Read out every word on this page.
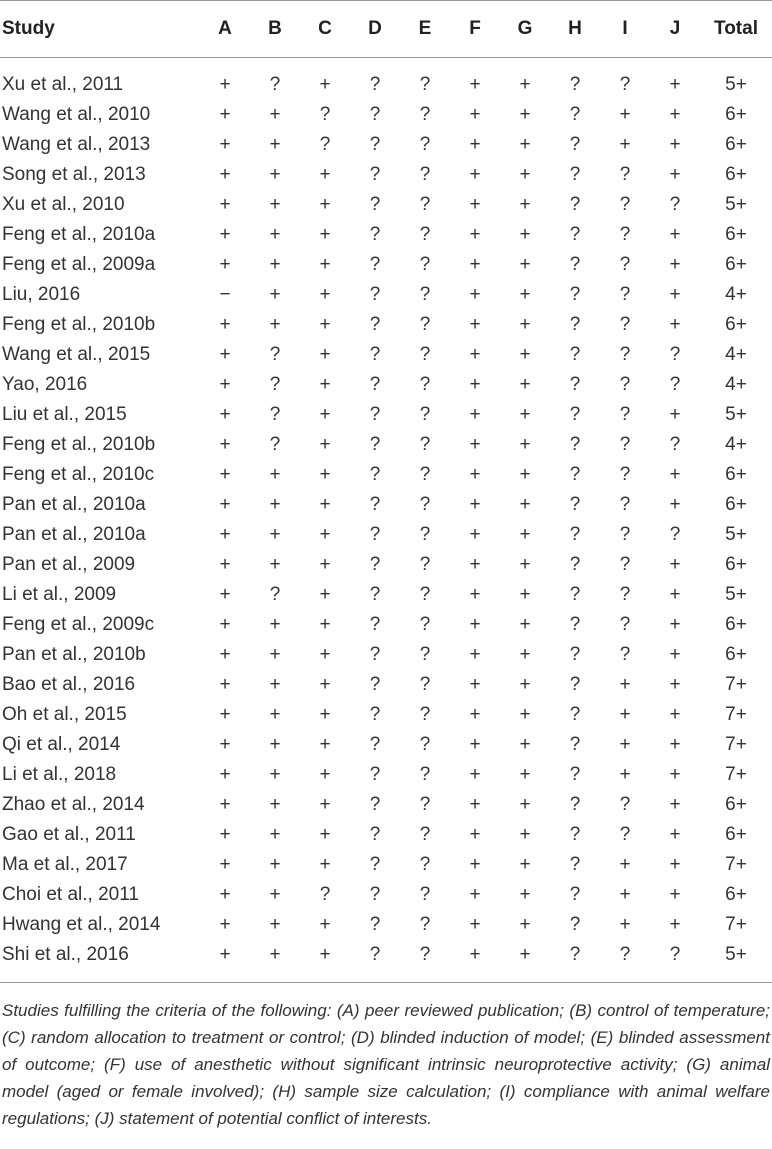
Study	A	B	C	D	E	F	G	H	I	J	Total
Xu et al., 2011	+	?	+	?	?	+	+	?	?	+	5+
Wang et al., 2010	+	+	?	?	?	+	+	?	+	+	6+
Wang et al., 2013	+	+	?	?	?	+	+	?	+	+	6+
Song et al., 2013	+	+	+	?	?	+	+	?	?	+	6+
Xu et al., 2010	+	+	+	?	?	+	+	?	?	?	5+
Feng et al., 2010a	+	+	+	?	?	+	+	?	?	+	6+
Feng et al., 2009a	+	+	+	?	?	+	+	?	?	+	6+
Liu, 2016	−	+	+	?	?	+	+	?	?	+	4+
Feng et al., 2010b	+	+	+	?	?	+	+	?	?	+	6+
Wang et al., 2015	+	?	+	?	?	+	+	?	?	?	4+
Yao, 2016	+	?	+	?	?	+	+	?	?	?	4+
Liu et al., 2015	+	?	+	?	?	+	+	?	?	+	5+
Feng et al., 2010b	+	?	+	?	?	+	+	?	?	?	4+
Feng et al., 2010c	+	+	+	?	?	+	+	?	?	+	6+
Pan et al., 2010a	+	+	+	?	?	+	+	?	?	+	6+
Pan et al., 2010a	+	+	+	?	?	+	+	?	?	?	5+
Pan et al., 2009	+	+	+	?	?	+	+	?	?	+	6+
Li et al., 2009	+	?	+	?	?	+	+	?	?	+	5+
Feng et al., 2009c	+	+	+	?	?	+	+	?	?	+	6+
Pan et al., 2010b	+	+	+	?	?	+	+	?	?	+	6+
Bao et al., 2016	+	+	+	?	?	+	+	?	+	+	7+
Oh et al., 2015	+	+	+	?	?	+	+	?	+	+	7+
Qi et al., 2014	+	+	+	?	?	+	+	?	+	+	7+
Li et al., 2018	+	+	+	?	?	+	+	?	+	+	7+
Zhao et al., 2014	+	+	+	?	?	+	+	?	?	+	6+
Gao et al., 2011	+	+	+	?	?	+	+	?	?	+	6+
Ma et al., 2017	+	+	+	?	?	+	+	?	+	+	7+
Choi et al., 2011	+	+	?	?	?	+	+	?	+	+	6+
Hwang et al., 2014	+	+	+	?	?	+	+	?	+	+	7+
Shi et al., 2016	+	+	+	?	?	+	+	?	?	?	5+

Studies fulfilling the criteria of the following: (A) peer reviewed publication; (B) control of temperature; (C) random allocation to treatment or control; (D) blinded induction of model; (E) blinded assessment of outcome; (F) use of anesthetic without significant intrinsic neuroprotective activity; (G) animal model (aged or female involved); (H) sample size calculation; (I) compliance with animal welfare regulations; (J) statement of potential conflict of interests.
